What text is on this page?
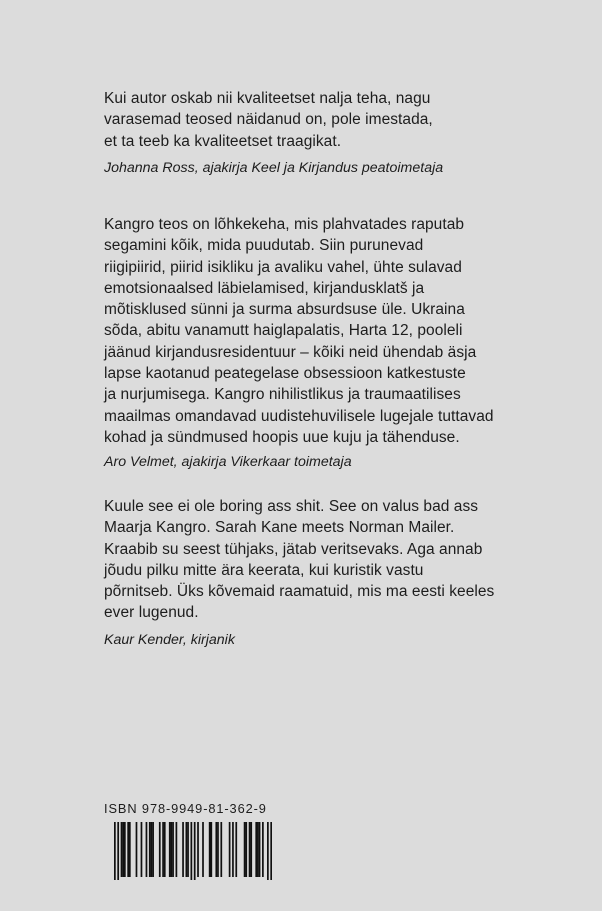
Kui autor oskab nii kvaliteetset nalja teha, nagu
varasemad teosed näidanud on, pole imestada,
et ta teeb ka kvaliteetset traagikat.

Johanna Ross, ajakirja Keel ja Kirjandus peatoimetaja

Kangro teos on lõhkekeha, mis plahvatades raputab
segamini kõik, mida puudutab. Siin purunevad
riigipiirid, piirid isikliku ja avaliku vahel, ühte sulavad
emotsionaalsed läbielamised, kirjandusklatš ja
mõtisklused sünni ja surma absurdsuse üle. Ukraina
sõda, abitu vanamutt haiglapalatis, Harta 12, pooleli
jäänud kirjandusresidentuur – kõiki neid ühendab äsja
lapse kaotanud peategelase obsessioon katkestuste
ja nurjumisega. Kangro nihilistlikus ja traumaatilises
maailmas omandavad uudistehuvilisele lugejale tuttavad
kohad ja sündmused hoopis uue kuju ja tähenduse.

Aro Velmet, ajakirja Vikerkaar toimetaja

Kuule see ei ole boring ass shit. See on valus bad ass
Maarja Kangro. Sarah Kane meets Norman Mailer.
Kraabib su seest tühjaks, jätab veritsevaks. Aga annab
jõudu pilku mitte ära keerata, kui kuristik vastu
põrnitseb. Üks kõvemaid raamatuid, mis ma eesti keeles
ever lugenud.

Kaur Kender, kirjanik

ISBN 978-9949-81-362-9
